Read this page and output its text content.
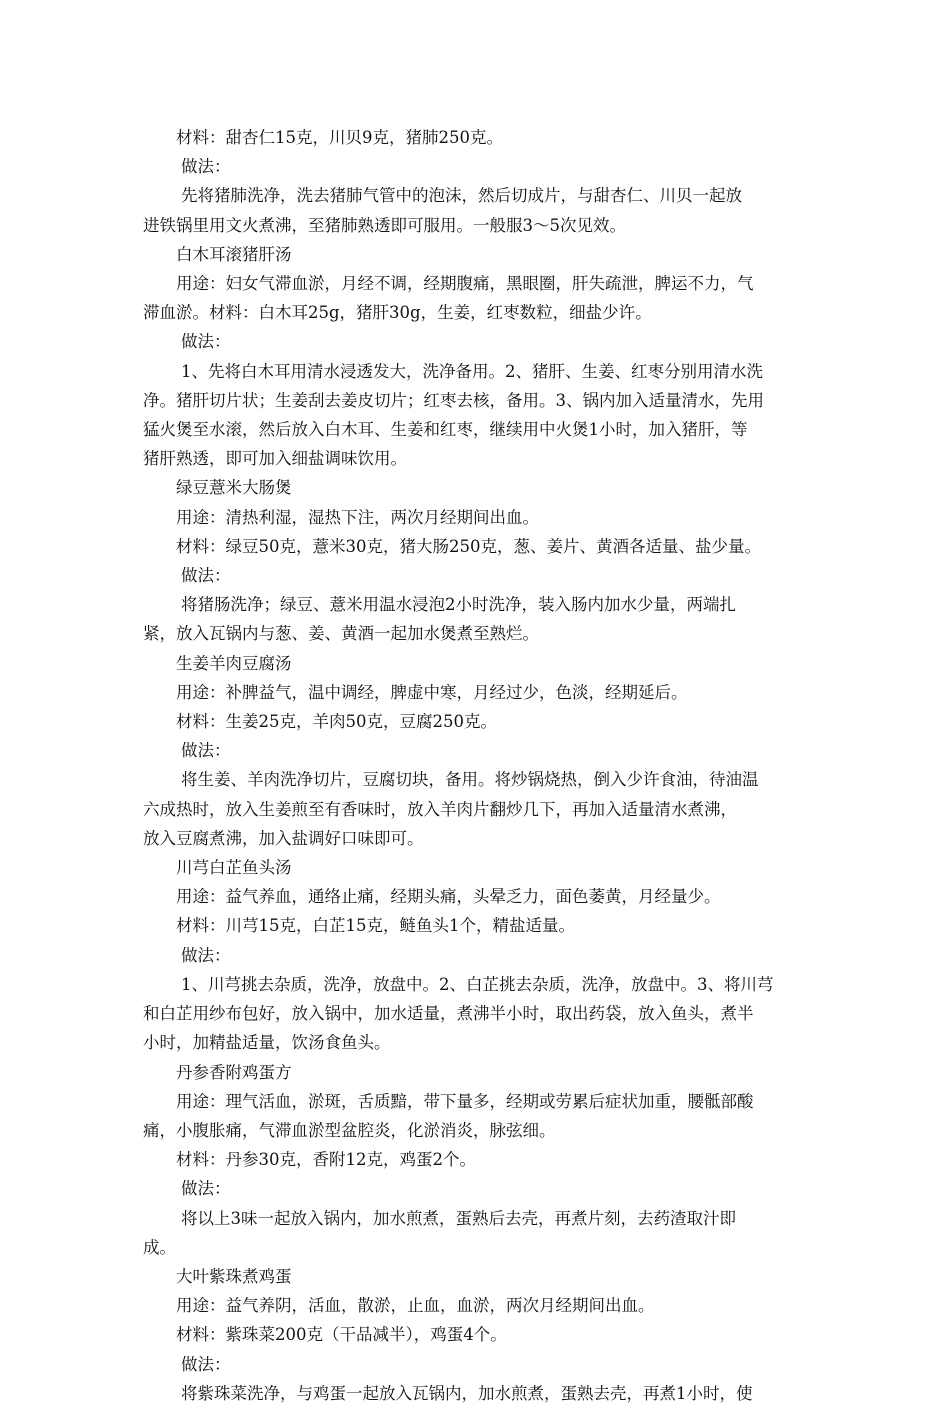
材料：甜杏仁15克，川贝9克，猪肺250克。

做法：

先将猪肺洗净，洗去猪肺气管中的泡沫，然后切成片，与甜杏仁、川贝一起放

进铁锅里用文火煮沸，至猪肺熟透即可服用。一般服3～5次见效。

白木耳滚猪肝汤

用途：妇女气滞血淤，月经不调，经期腹痛，黑眼圈，肝失疏泄，脾运不力，气

滞血淤。材料：白木耳25g，猪肝30g，生姜，红枣数粒，细盐少许。

做法：

1、先将白木耳用清水浸透发大，洗净备用。2、猪肝、生姜、红枣分别用清水洗

净。猪肝切片状；生姜刮去姜皮切片；红枣去核，备用。3、锅内加入适量清水，先用

猛火煲至水滚，然后放入白木耳、生姜和红枣，继续用中火煲1小时，加入猪肝，等

猪肝熟透，即可加入细盐调味饮用。

绿豆薏米大肠煲

用途：清热利湿，湿热下注，两次月经期间出血。

材料：绿豆50克，薏米30克，猪大肠250克，葱、姜片、黄酒各适量、盐少量。

做法：

将猪肠洗净；绿豆、薏米用温水浸泡2小时洗净，装入肠内加水少量，两端扎

紧，放入瓦锅内与葱、姜、黄酒一起加水煲煮至熟烂。

生姜羊肉豆腐汤

用途：补脾益气，温中调经，脾虚中寒，月经过少，色淡，经期延后。

材料：生姜25克，羊肉50克，豆腐250克。

做法：

将生姜、羊肉洗净切片，豆腐切块，备用。将炒锅烧热，倒入少许食油，待油温

六成热时，放入生姜煎至有香味时，放入羊肉片翻炒几下，再加入适量清水煮沸，

放入豆腐煮沸，加入盐调好口味即可。

川芎白芷鱼头汤

用途：益气养血，通络止痛，经期头痛，头晕乏力，面色萎黄，月经量少。

材料：川芎15克，白芷15克，鲢鱼头1个，精盐适量。

做法：

1、川芎挑去杂质，洗净，放盘中。2、白芷挑去杂质，洗净，放盘中。3、将川芎

和白芷用纱布包好，放入锅中，加水适量，煮沸半小时，取出药袋，放入鱼头，煮半

小时，加精盐适量，饮汤食鱼头。

丹参香附鸡蛋方

用途：理气活血，淤斑，舌质黯，带下量多，经期或劳累后症状加重，腰骶部酸

痛，小腹胀痛，气滞血淤型盆腔炎，化淤消炎，脉弦细。

材料：丹参30克，香附12克，鸡蛋2个。

做法：

将以上3味一起放入锅内，加水煎煮，蛋熟后去壳，再煮片刻，去药渣取汁即

成。

大叶紫珠煮鸡蛋

用途：益气养阴，活血，散淤，止血，血淤，两次月经期间出血。

材料：紫珠菜200克（干品减半），鸡蛋4个。

做法：

将紫珠菜洗净，与鸡蛋一起放入瓦锅内，加水煎煮，蛋熟去壳，再煮1小时，使
